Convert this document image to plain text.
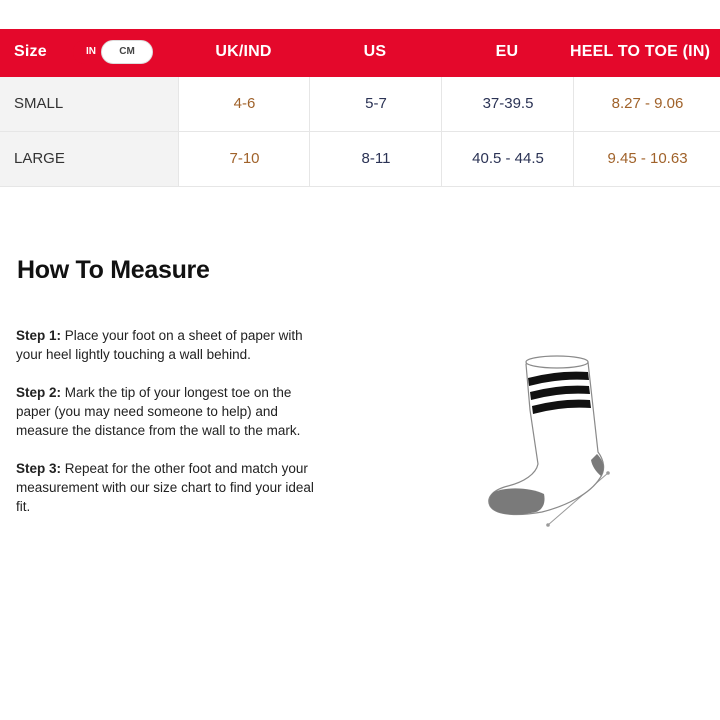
Size	IN	CM	UK/IND	US	EU	HEEL TO TOE (IN)
SMALL	4-6	5-7	37-39.5	8.27 - 9.06
LARGE	7-10	8-11	40.5 - 44.5	9.45 - 10.63
How To Measure

Step 1: Place your foot on a sheet of paper with your heel lightly touching a wall behind.

Step 2: Mark the tip of your longest toe on the paper (you may need someone to help) and measure the distance from the wall to the mark.

Step 3: Repeat for the other foot and match your measurement with our size chart to find your ideal fit.
